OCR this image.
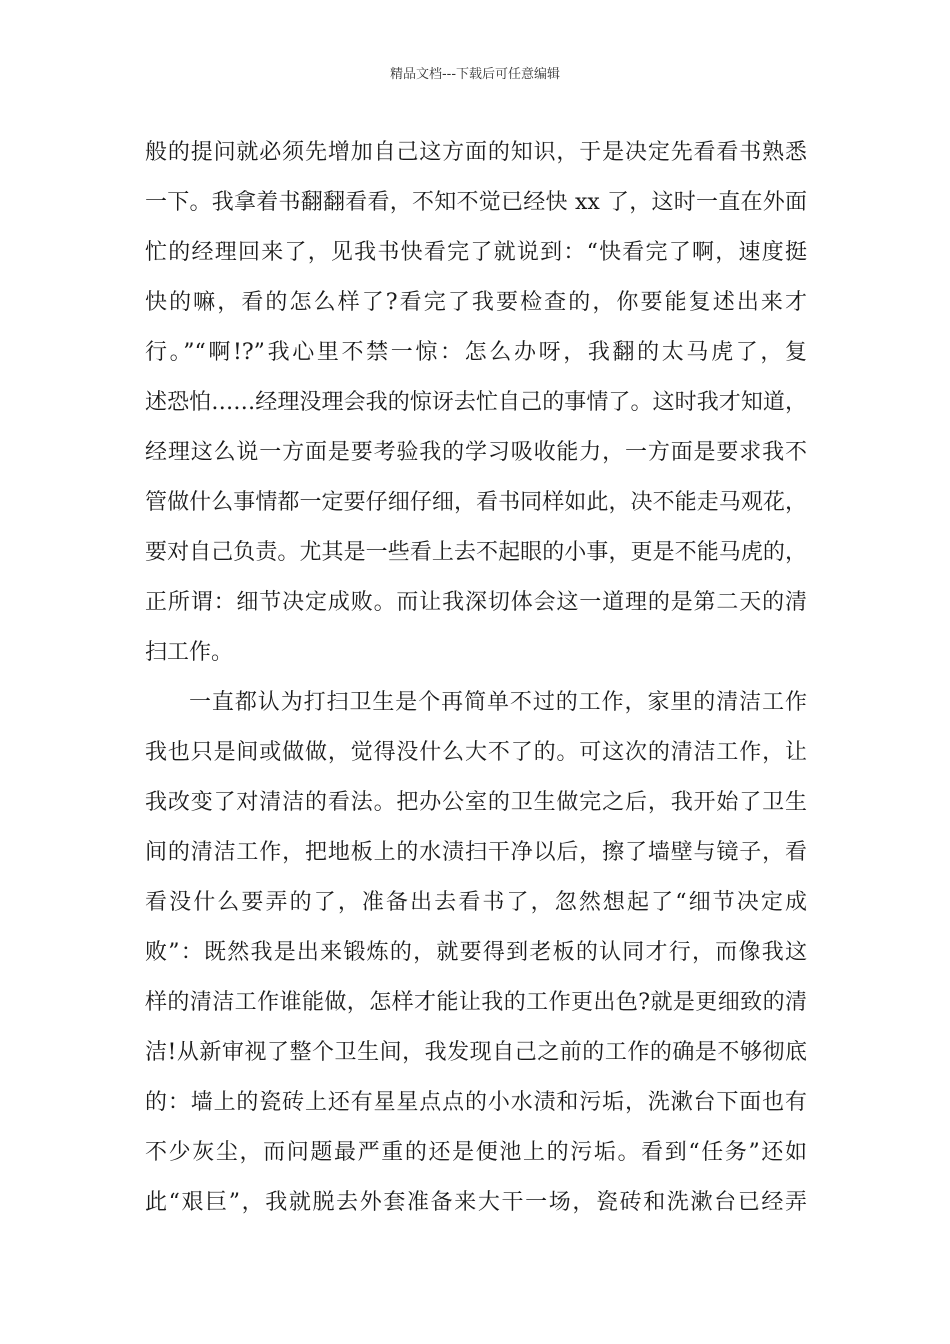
精品文档---下载后可任意编辑
般的提问就必须先增加自己这方面的知识，于是决定先看看书熟悉
一下。我拿着书翻翻看看，不知不觉已经快 xx 了，这时一直在外面
忙的经理回来了，见我书快看完了就说到：“快看完了啊，速度挺
快的嘛，看的怎么样了?看完了我要检查的，你要能复述出来才
行。”“啊!?”我心里不禁一惊：怎么办呀，我翻的太马虎了，复
述恐怕……经理没理会我的惊讶去忙自己的事情了。这时我才知道，
经理这么说一方面是要考验我的学习吸收能力，一方面是要求我不
管做什么事情都一定要仔细仔细，看书同样如此，决不能走马观花，
要对自己负责。尤其是一些看上去不起眼的小事，更是不能马虎的，
正所谓：细节决定成败。而让我深切体会这一道理的是第二天的清
扫工作。
一直都认为打扫卫生是个再简单不过的工作，家里的清洁工作
我也只是间或做做，觉得没什么大不了的。可这次的清洁工作，让
我改变了对清洁的看法。把办公室的卫生做完之后，我开始了卫生
间的清洁工作，把地板上的水渍扫干净以后，擦了墙壁与镜子，看
看没什么要弄的了，准备出去看书了，忽然想起了“细节决定成
败”：既然我是出来锻炼的，就要得到老板的认同才行，而像我这
样的清洁工作谁能做，怎样才能让我的工作更出色?就是更细致的清
洁!从新审视了整个卫生间，我发现自己之前的工作的确是不够彻底
的：墙上的瓷砖上还有星星点点的小水渍和污垢，洗漱台下面也有
不少灰尘，而问题最严重的还是便池上的污垢。看到“任务”还如
此“艰巨”，我就脱去外套准备来大干一场，瓷砖和洗漱台已经弄
